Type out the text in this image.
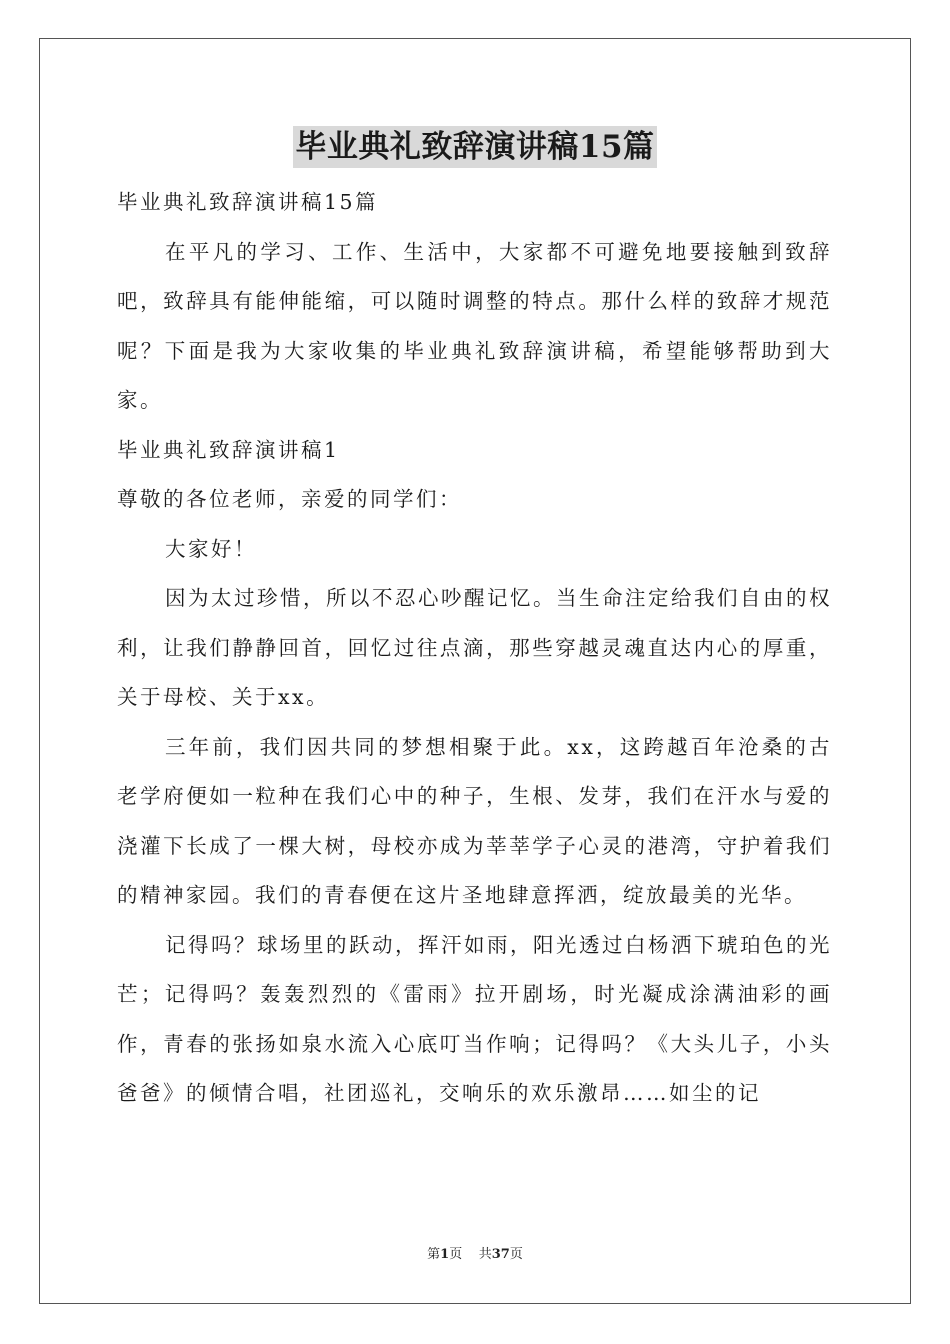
毕业典礼致辞演讲稿15篇

毕业典礼致辞演讲稿15篇

在平凡的学习、工作、生活中，大家都不可避免地要接触到致辞吧，致辞具有能伸能缩，可以随时调整的特点。那什么样的致辞才规范呢？下面是我为大家收集的毕业典礼致辞演讲稿，希望能够帮助到大家。

毕业典礼致辞演讲稿1

尊敬的各位老师，亲爱的同学们：

大家好！

因为太过珍惜，所以不忍心吵醒记忆。当生命注定给我们自由的权利，让我们静静回首，回忆过往点滴，那些穿越灵魂直达内心的厚重，关于母校、关于xx。

三年前，我们因共同的梦想相聚于此。xx，这跨越百年沧桑的古老学府便如一粒种在我们心中的种子，生根、发芽，我们在汗水与爱的浇灌下长成了一棵大树，母校亦成为莘莘学子心灵的港湾，守护着我们的精神家园。我们的青春便在这片圣地肆意挥洒，绽放最美的光华。

记得吗？球场里的跃动，挥汗如雨，阳光透过白杨洒下琥珀色的光芒；记得吗？轰轰烈烈的《雷雨》拉开剧场，时光凝成涂满油彩的画作，青春的张扬如泉水流入心底叮当作响；记得吗？《大头儿子，小头爸爸》的倾情合唱，社团巡礼，交响乐的欢乐激昂……如尘的记

第1页 共37页
